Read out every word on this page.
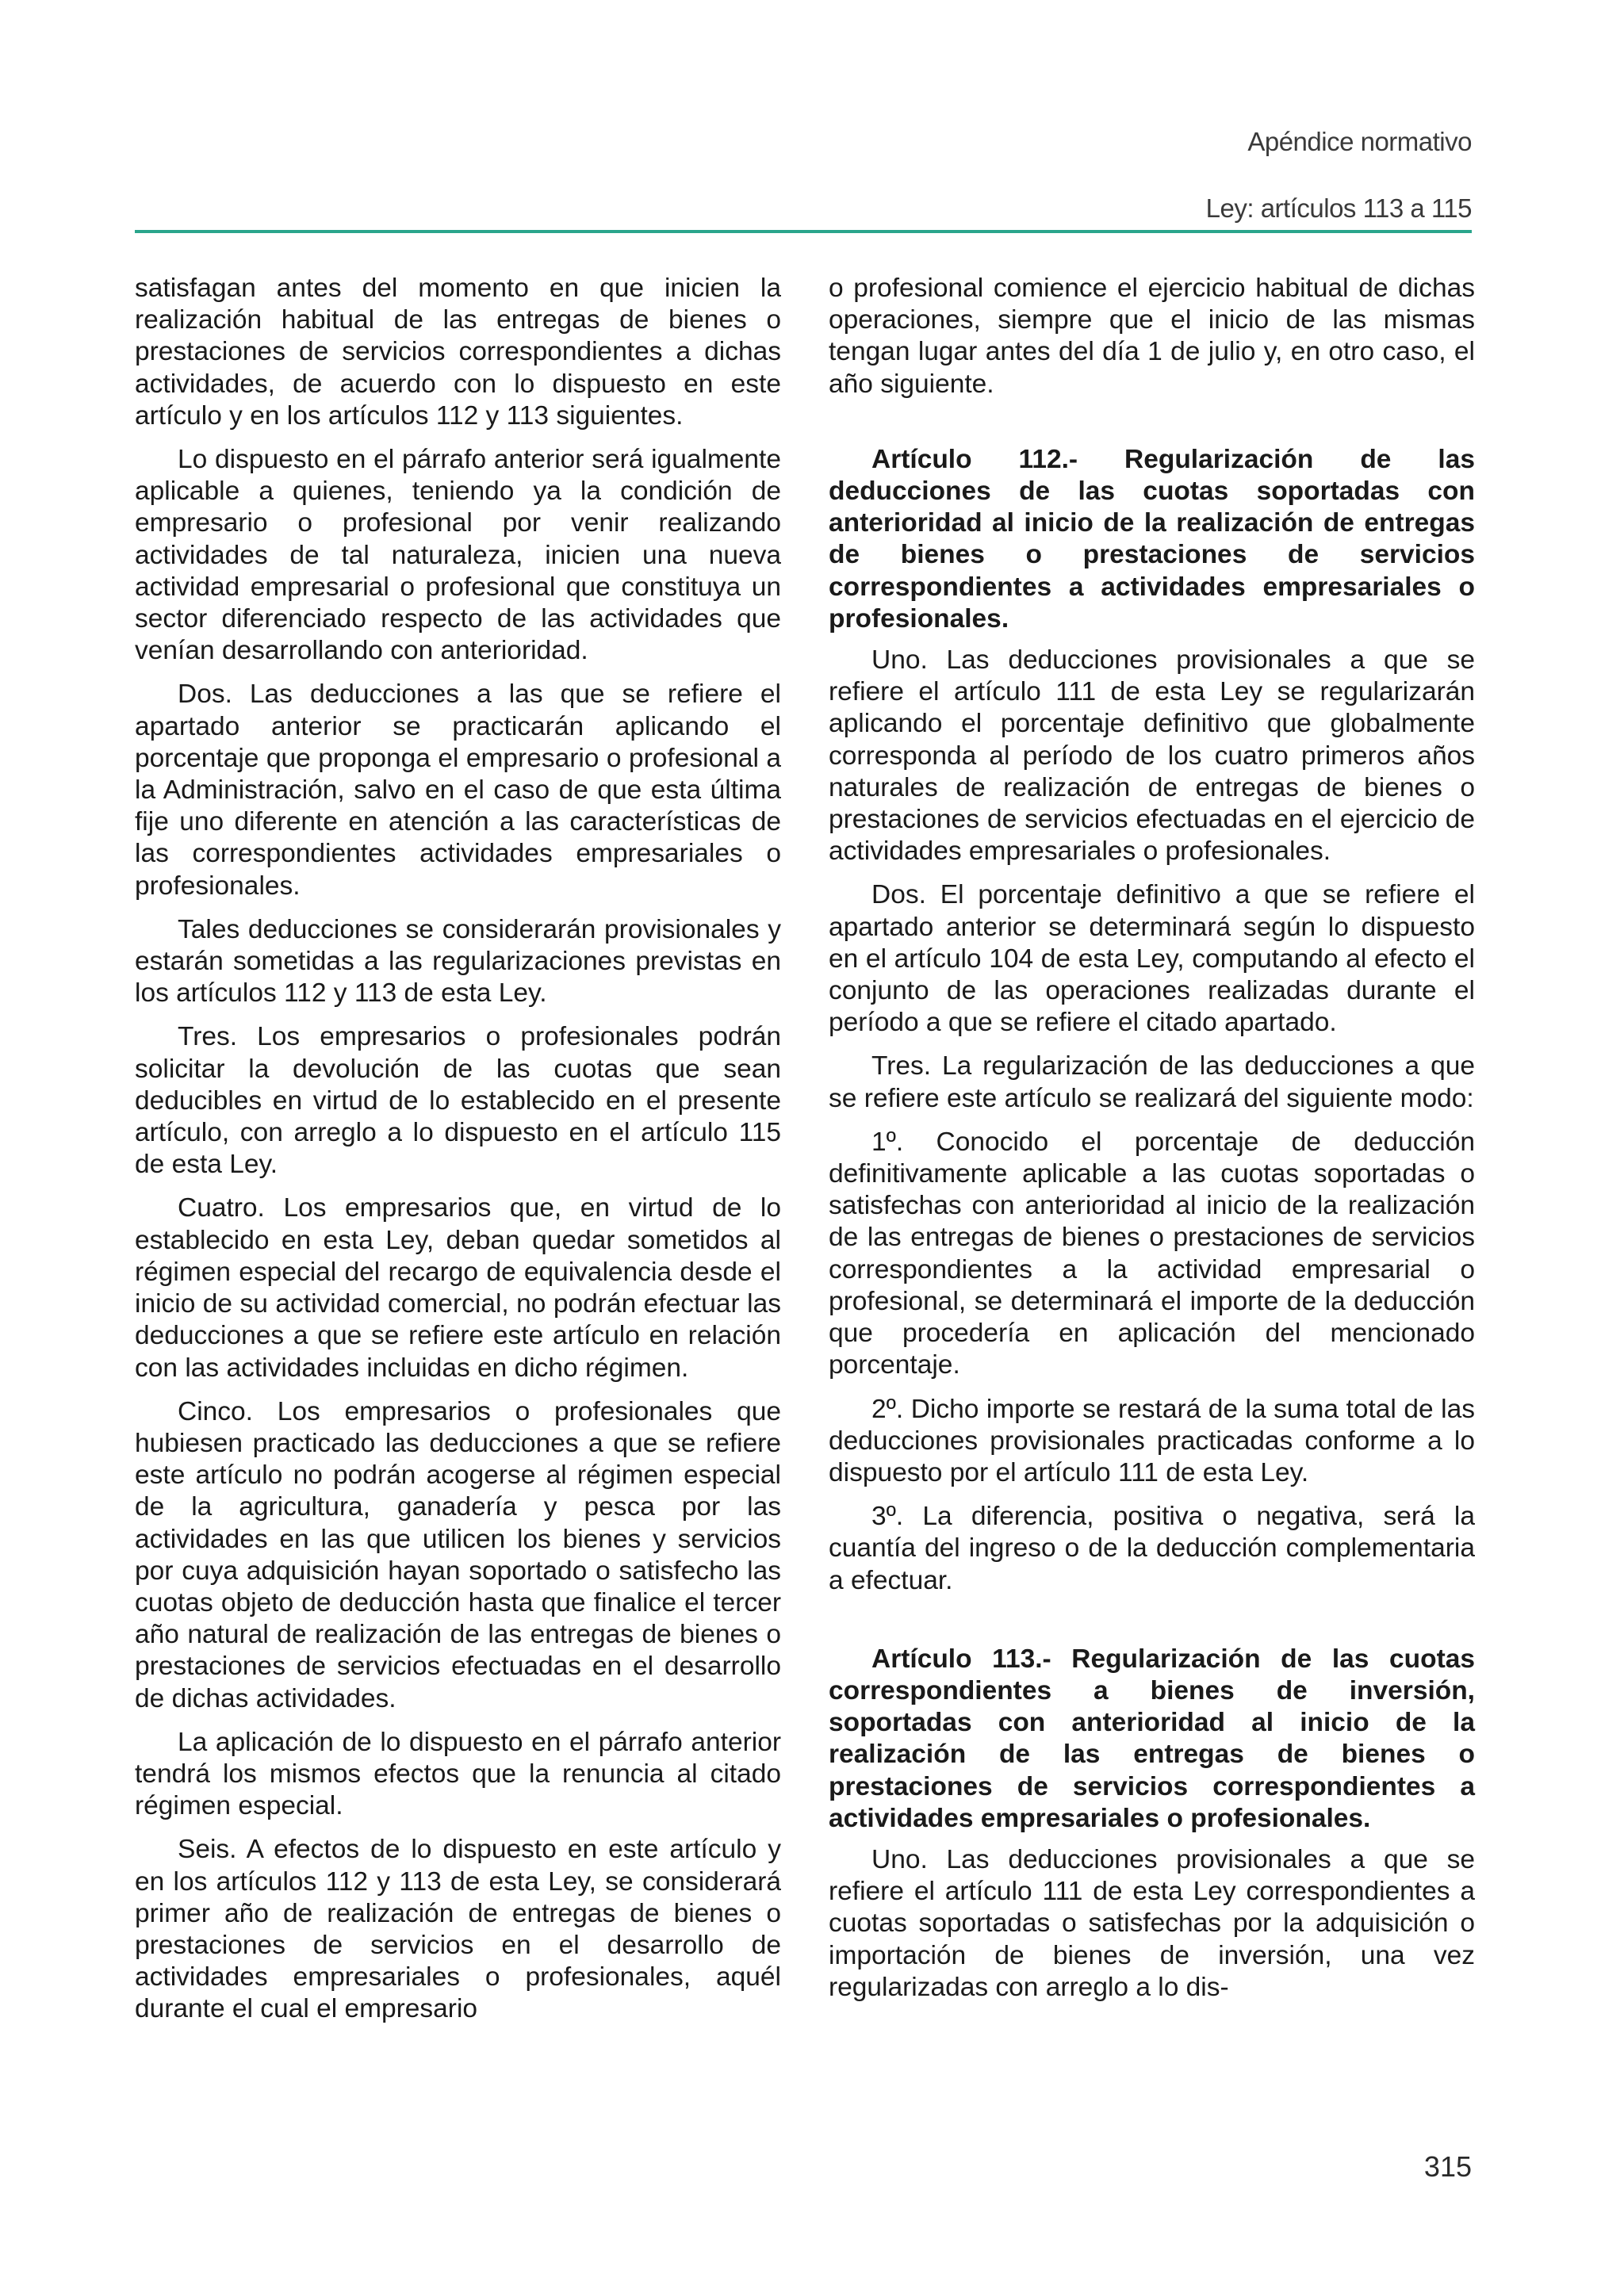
Apéndice normativo
Ley: artículos 113 a 115

satisfagan antes del momento en que inicien la realización habitual de las entregas de bienes o prestaciones de servicios correspondientes a dichas actividades, de acuerdo con lo dispuesto en este artículo y en los artículos 112 y 113 siguientes.

Lo dispuesto en el párrafo anterior será igualmente aplicable a quienes, teniendo ya la condición de empresario o profesional por venir realizando actividades de tal naturaleza, inicien una nueva actividad empresarial o profesional que constituya un sector diferenciado respecto de las actividades que venían desarrollando con anterioridad.

Dos. Las deducciones a las que se refiere el apartado anterior se practicarán aplicando el porcentaje que proponga el empresario o profesional a la Administración, salvo en el caso de que esta última fije uno diferente en atención a las características de las correspondientes actividades empresariales o profesionales.

Tales deducciones se considerarán provisionales y estarán sometidas a las regularizaciones previstas en los artículos 112 y 113 de esta Ley.

Tres. Los empresarios o profesionales podrán solicitar la devolución de las cuotas que sean deducibles en virtud de lo establecido en el presente artículo, con arreglo a lo dispuesto en el artículo 115 de esta Ley.

Cuatro. Los empresarios que, en virtud de lo establecido en esta Ley, deban quedar sometidos al régimen especial del recargo de equivalencia desde el inicio de su actividad comercial, no podrán efectuar las deducciones a que se refiere este artículo en relación con las actividades incluidas en dicho régimen.

Cinco. Los empresarios o profesionales que hubiesen practicado las deducciones a que se refiere este artículo no podrán acogerse al régimen especial de la agricultura, ganadería y pesca por las actividades en las que utilicen los bienes y servicios por cuya adquisición hayan soportado o satisfecho las cuotas objeto de deducción hasta que finalice el tercer año natural de realización de las entregas de bienes o prestaciones de servicios efectuadas en el desarrollo de dichas actividades.

La aplicación de lo dispuesto en el párrafo anterior tendrá los mismos efectos que la renuncia al citado régimen especial.

Seis. A efectos de lo dispuesto en este artículo y en los artículos 112 y 113 de esta Ley, se considerará primer año de realización de entregas de bienes o prestaciones de servicios en el desarrollo de actividades empresariales o profesionales, aquél durante el cual el empresario

o profesional comience el ejercicio habitual de dichas operaciones, siempre que el inicio de las mismas tengan lugar antes del día 1 de julio y, en otro caso, el año siguiente.

Artículo 112.- Regularización de las deducciones de las cuotas soportadas con anterioridad al inicio de la realización de entregas de bienes o prestaciones de servicios correspondientes a actividades empresariales o profesionales.

Uno. Las deducciones provisionales a que se refiere el artículo 111 de esta Ley se regularizarán aplicando el porcentaje definitivo que globalmente corresponda al período de los cuatro primeros años naturales de realización de entregas de bienes o prestaciones de servicios efectuadas en el ejercicio de actividades empresariales o profesionales.

Dos. El porcentaje definitivo a que se refiere el apartado anterior se determinará según lo dispuesto en el artículo 104 de esta Ley, computando al efecto el conjunto de las operaciones realizadas durante el período a que se refiere el citado apartado.

Tres. La regularización de las deducciones a que se refiere este artículo se realizará del siguiente modo:

1º. Conocido el porcentaje de deducción definitivamente aplicable a las cuotas soportadas o satisfechas con anterioridad al inicio de la realización de las entregas de bienes o prestaciones de servicios correspondientes a la actividad empresarial o profesional, se determinará el importe de la deducción que procedería en aplicación del mencionado porcentaje.

2º. Dicho importe se restará de la suma total de las deducciones provisionales practicadas conforme a lo dispuesto por el artículo 111 de esta Ley.

3º. La diferencia, positiva o negativa, será la cuantía del ingreso o de la deducción complementaria a efectuar.

Artículo 113.- Regularización de las cuotas correspondientes a bienes de inversión, soportadas con anterioridad al inicio de la realización de las entregas de bienes o prestaciones de servicios correspondientes a actividades empresariales o profesionales.

Uno. Las deducciones provisionales a que se refiere el artículo 111 de esta Ley correspondientes a cuotas soportadas o satisfechas por la adquisición o importación de bienes de inversión, una vez regularizadas con arreglo a lo dis-

315
